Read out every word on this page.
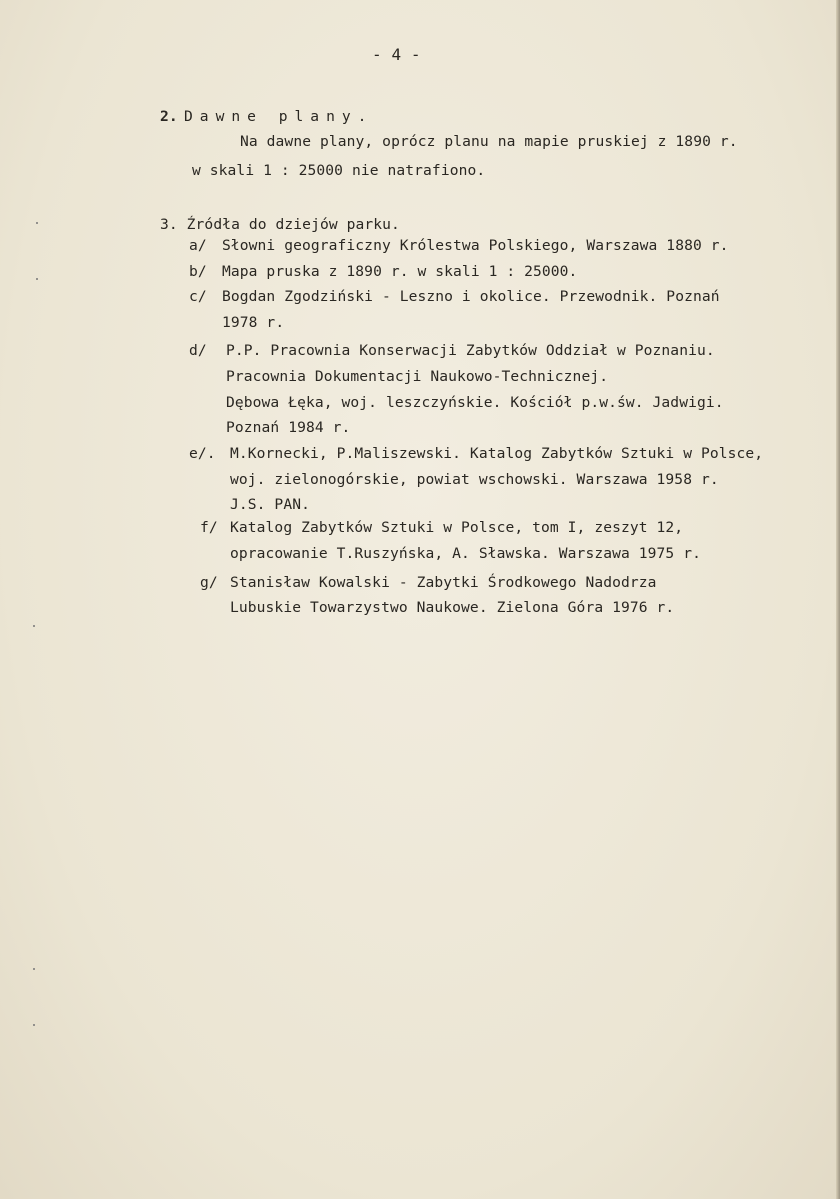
- 4 -
2. Dawne plany.
Na dawne plany, oprócz planu na mapie pruskiej z 1890 r.
w skali 1 : 25000 nie natrafiono.
3. Źródła do dziejów parku.
a/ Słowni geograficzny Królestwa Polskiego, Warszawa 1880 r.
b/ Mapa pruska z 1890 r. w skali 1 : 25000.
c/ Bogdan Zgodziński - Leszno i okolice. Przewodnik. Poznań
1978 r.
d/ P.P. Pracownia Konserwacji Zabytków Oddział w Poznaniu.
Pracownia Dokumentacji Naukowo-Technicznej.
Dębowa Łęka, woj. leszczyńskie. Kościół p.w.św. Jadwigi.
Poznań 1984 r.
e/. M.Kornecki, P.Maliszewski. Katalog Zabytków Sztuki w Polsce,
woj. zielonogórskie, powiat wschowski. Warszawa 1958 r.
J.S. PAN.
f/ Katalog Zabytków Sztuki w Polsce, tom I, zeszyt 12,
opracowanie T.Ruszyńska, A. Sławska. Warszawa 1975 r.
g/ Stanisław Kowalski - Zabytki Środkowego Nadodrza
Lubuskie Towarzystwo Naukowe. Zielona Góra 1976 r.
